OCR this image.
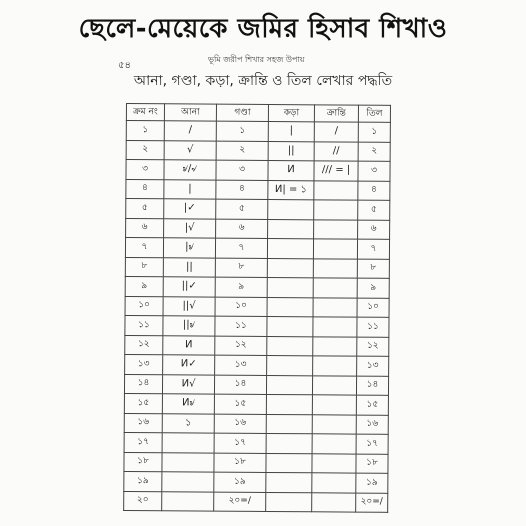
ছেলে-মেয়েকে জমির হিসাব শিখাও
৫৪
ভূমি জরীপ শিখার সহজ উপায়
আনা, গণ্ডা, কড়া, ক্রান্তি ও তিল লেখার পদ্ধতি
ক্রম নং	আনা	গণ্ডা	কড়া	ক্রান্তি	তিল
১	/	১	|	/	১
২	√	২	||	//	২
৩	৶/৵	৩	И	/// = |	৩
৪	|	৪	И| = ১		৪
৫	|✓	৫			৫
৬	|√	৬			৬
৭	|৶	৭			৭
৮	||	৮			৮
৯	||✓	৯			৯
১০	||√	১০			১০
১১	||৶	১১			১১
১২	И	১২			১২
১৩	И✓	১৩			১৩
১৪	И√	১৪			১৪
১৫	И৶	১৫			১৫
১৬	১	১৬			১৬
১৭		১৭			১৭
১৮		১৮			১৮
১৯		১৯			১৯
২০		২০=/			২০=/
